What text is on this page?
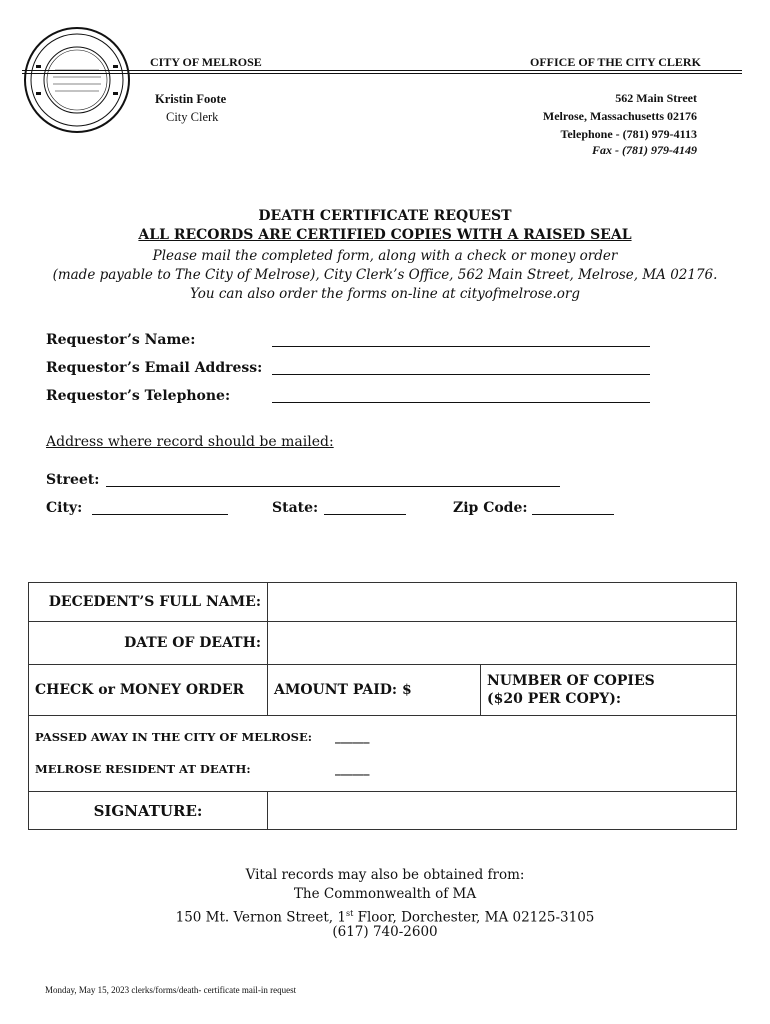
CITY OF MELROSE	OFFICE OF THE CITY CLERK
Kristin Foote
City Clerk
562 Main Street
Melrose, Massachusetts 02176
Telephone - (781) 979-4113
Fax - (781) 979-4149
DEATH CERTIFICATE REQUEST
ALL RECORDS ARE CERTIFIED COPIES WITH A RAISED SEAL
Please mail the completed form, along with a check or money order
(made payable to The City of Melrose), City Clerk’s Office, 562 Main Street, Melrose, MA 02176.
You can also order the forms on-line at cityofmelrose.org
Requestor’s Name:
Requestor’s Email Address:
Requestor’s Telephone:
Address where record should be mailed:
Street:
City:	State:	Zip Code:
DECEDENT’S FULL NAME:		
DATE OF DEATH:		
CHECK or MONEY ORDER	AMOUNT PAID: $	NUMBER OF COPIES
($20 PER COPY):

PASSED AWAY IN THE CITY OF MELROSE: ______
MELROSE RESIDENT AT DEATH: ______		

SIGNATURE:		
Vital records may also be obtained from:
The Commonwealth of MA
150 Mt. Vernon Street, 1st Floor, Dorchester, MA 02125-3105
(617) 740-2600
Monday, May 15, 2023 clerks/forms/death- certificate mail-in request
